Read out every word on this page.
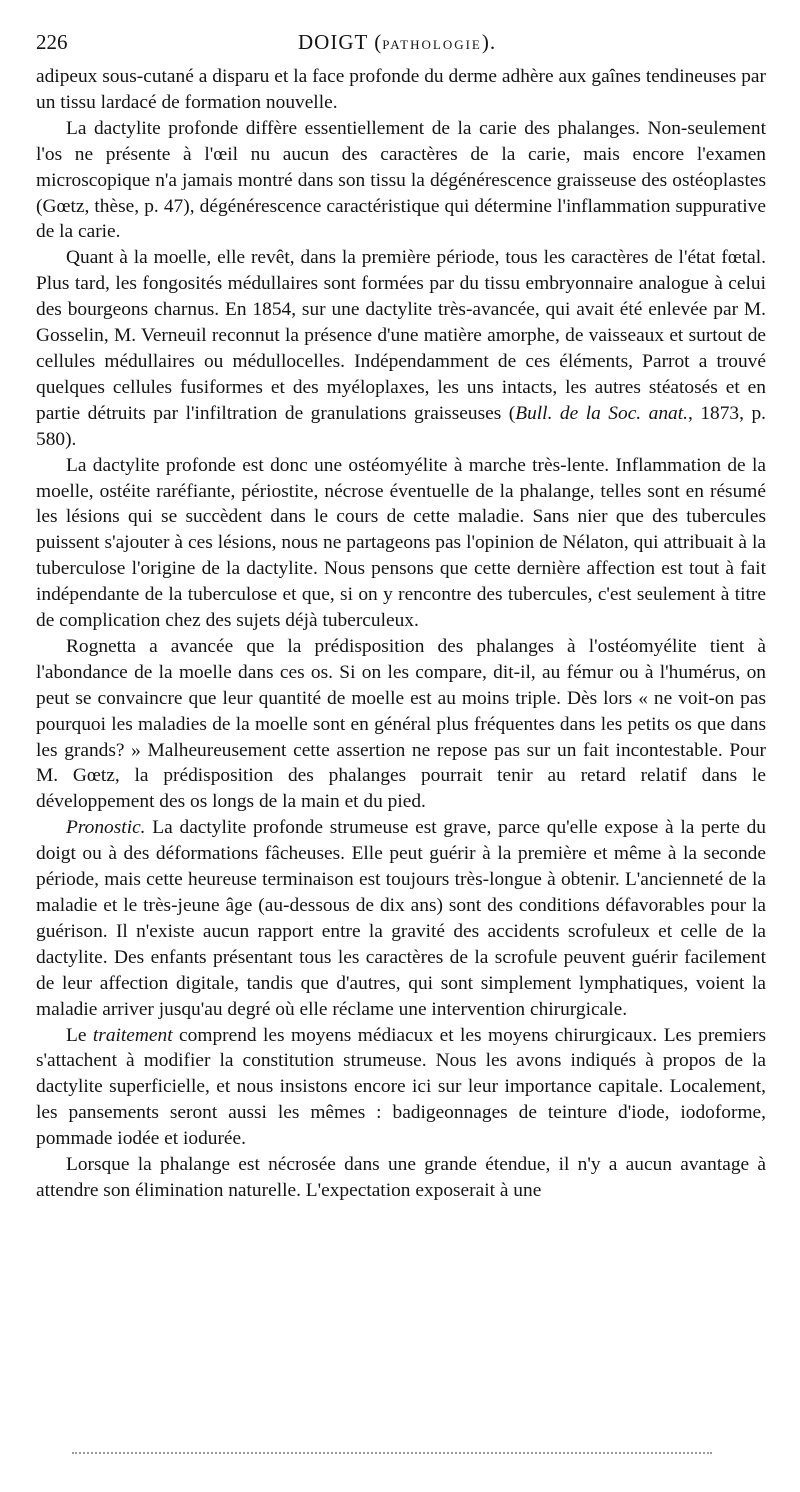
226	DOIGT (PATHOLOGIE).

adipeux sous-cutané a disparu et la face profonde du derme adhère aux gaînes tendineuses par un tissu lardacé de formation nouvelle.

La dactylite profonde diffère essentiellement de la carie des phalanges. Non-seulement l'os ne présente à l'œil nu aucun des caractères de la carie, mais encore l'examen microscopique n'a jamais montré dans son tissu la dégénérescence graisseuse des ostéoplastes (Gœtz, thèse, p. 47), dégénérescence caractéristique qui détermine l'inflammation suppurative de la carie.

Quant à la moelle, elle revêt, dans la première période, tous les caractères de l'état fœtal. Plus tard, les fongosités médullaires sont formées par du tissu embryonnaire analogue à celui des bourgeons charnus. En 1854, sur une dactylite très-avancée, qui avait été enlevée par M. Gosselin, M. Verneuil reconnut la présence d'une matière amorphe, de vaisseaux et surtout de cellules médullaires ou médullocelles. Indépendamment de ces éléments, Parrot a trouvé quelques cellules fusiformes et des myéloplaxes, les uns intacts, les autres stéatosés et en partie détruits par l'infiltration de granulations graisseuses (Bull. de la Soc. anat., 1873, p. 580).

La dactylite profonde est donc une ostéomyélite à marche très-lente. Inflammation de la moelle, ostéite raréfiante, périostite, nécrose éventuelle de la phalange, telles sont en résumé les lésions qui se succèdent dans le cours de cette maladie. Sans nier que des tubercules puissent s'ajouter à ces lésions, nous ne partageons pas l'opinion de Nélaton, qui attribuait à la tuberculose l'origine de la dactylite. Nous pensons que cette dernière affection est tout à fait indépendante de la tuberculose et que, si on y rencontre des tubercules, c'est seulement à titre de complication chez des sujets déjà tuberculeux.

Rognetta a avancée que la prédisposition des phalanges à l'ostéomyélite tient à l'abondance de la moelle dans ces os. Si on les compare, dit-il, au fémur ou à l'humérus, on peut se convaincre que leur quantité de moelle est au moins triple. Dès lors « ne voit-on pas pourquoi les maladies de la moelle sont en général plus fréquentes dans les petits os que dans les grands? » Malheureusement cette assertion ne repose pas sur un fait incontestable. Pour M. Gœtz, la prédisposition des phalanges pourrait tenir au retard relatif dans le développement des os longs de la main et du pied.

Pronostic. La dactylite profonde strumeuse est grave, parce qu'elle expose à la perte du doigt ou à des déformations fâcheuses. Elle peut guérir à la première et même à la seconde période, mais cette heureuse terminaison est toujours très-longue à obtenir. L'ancienneté de la maladie et le très-jeune âge (au-dessous de dix ans) sont des conditions défavorables pour la guérison. Il n'existe aucun rapport entre la gravité des accidents scrofuleux et celle de la dactylite. Des enfants présentant tous les caractères de la scrofule peuvent guérir facilement de leur affection digitale, tandis que d'autres, qui sont simplement lymphatiques, voient la maladie arriver jusqu'au degré où elle réclame une intervention chirurgicale.

Le traitement comprend les moyens médiacux et les moyens chirurgicaux. Les premiers s'attachent à modifier la constitution strumeuse. Nous les avons indiqués à propos de la dactylite superficielle, et nous insistons encore ici sur leur importance capitale. Localement, les pansements seront aussi les mêmes : badigeonnages de teinture d'iode, iodoforme, pommade iodée et iodurée.

Lorsque la phalange est nécrosée dans une grande étendue, il n'y a aucun avantage à attendre son élimination naturelle. L'expectation exposerait à une
